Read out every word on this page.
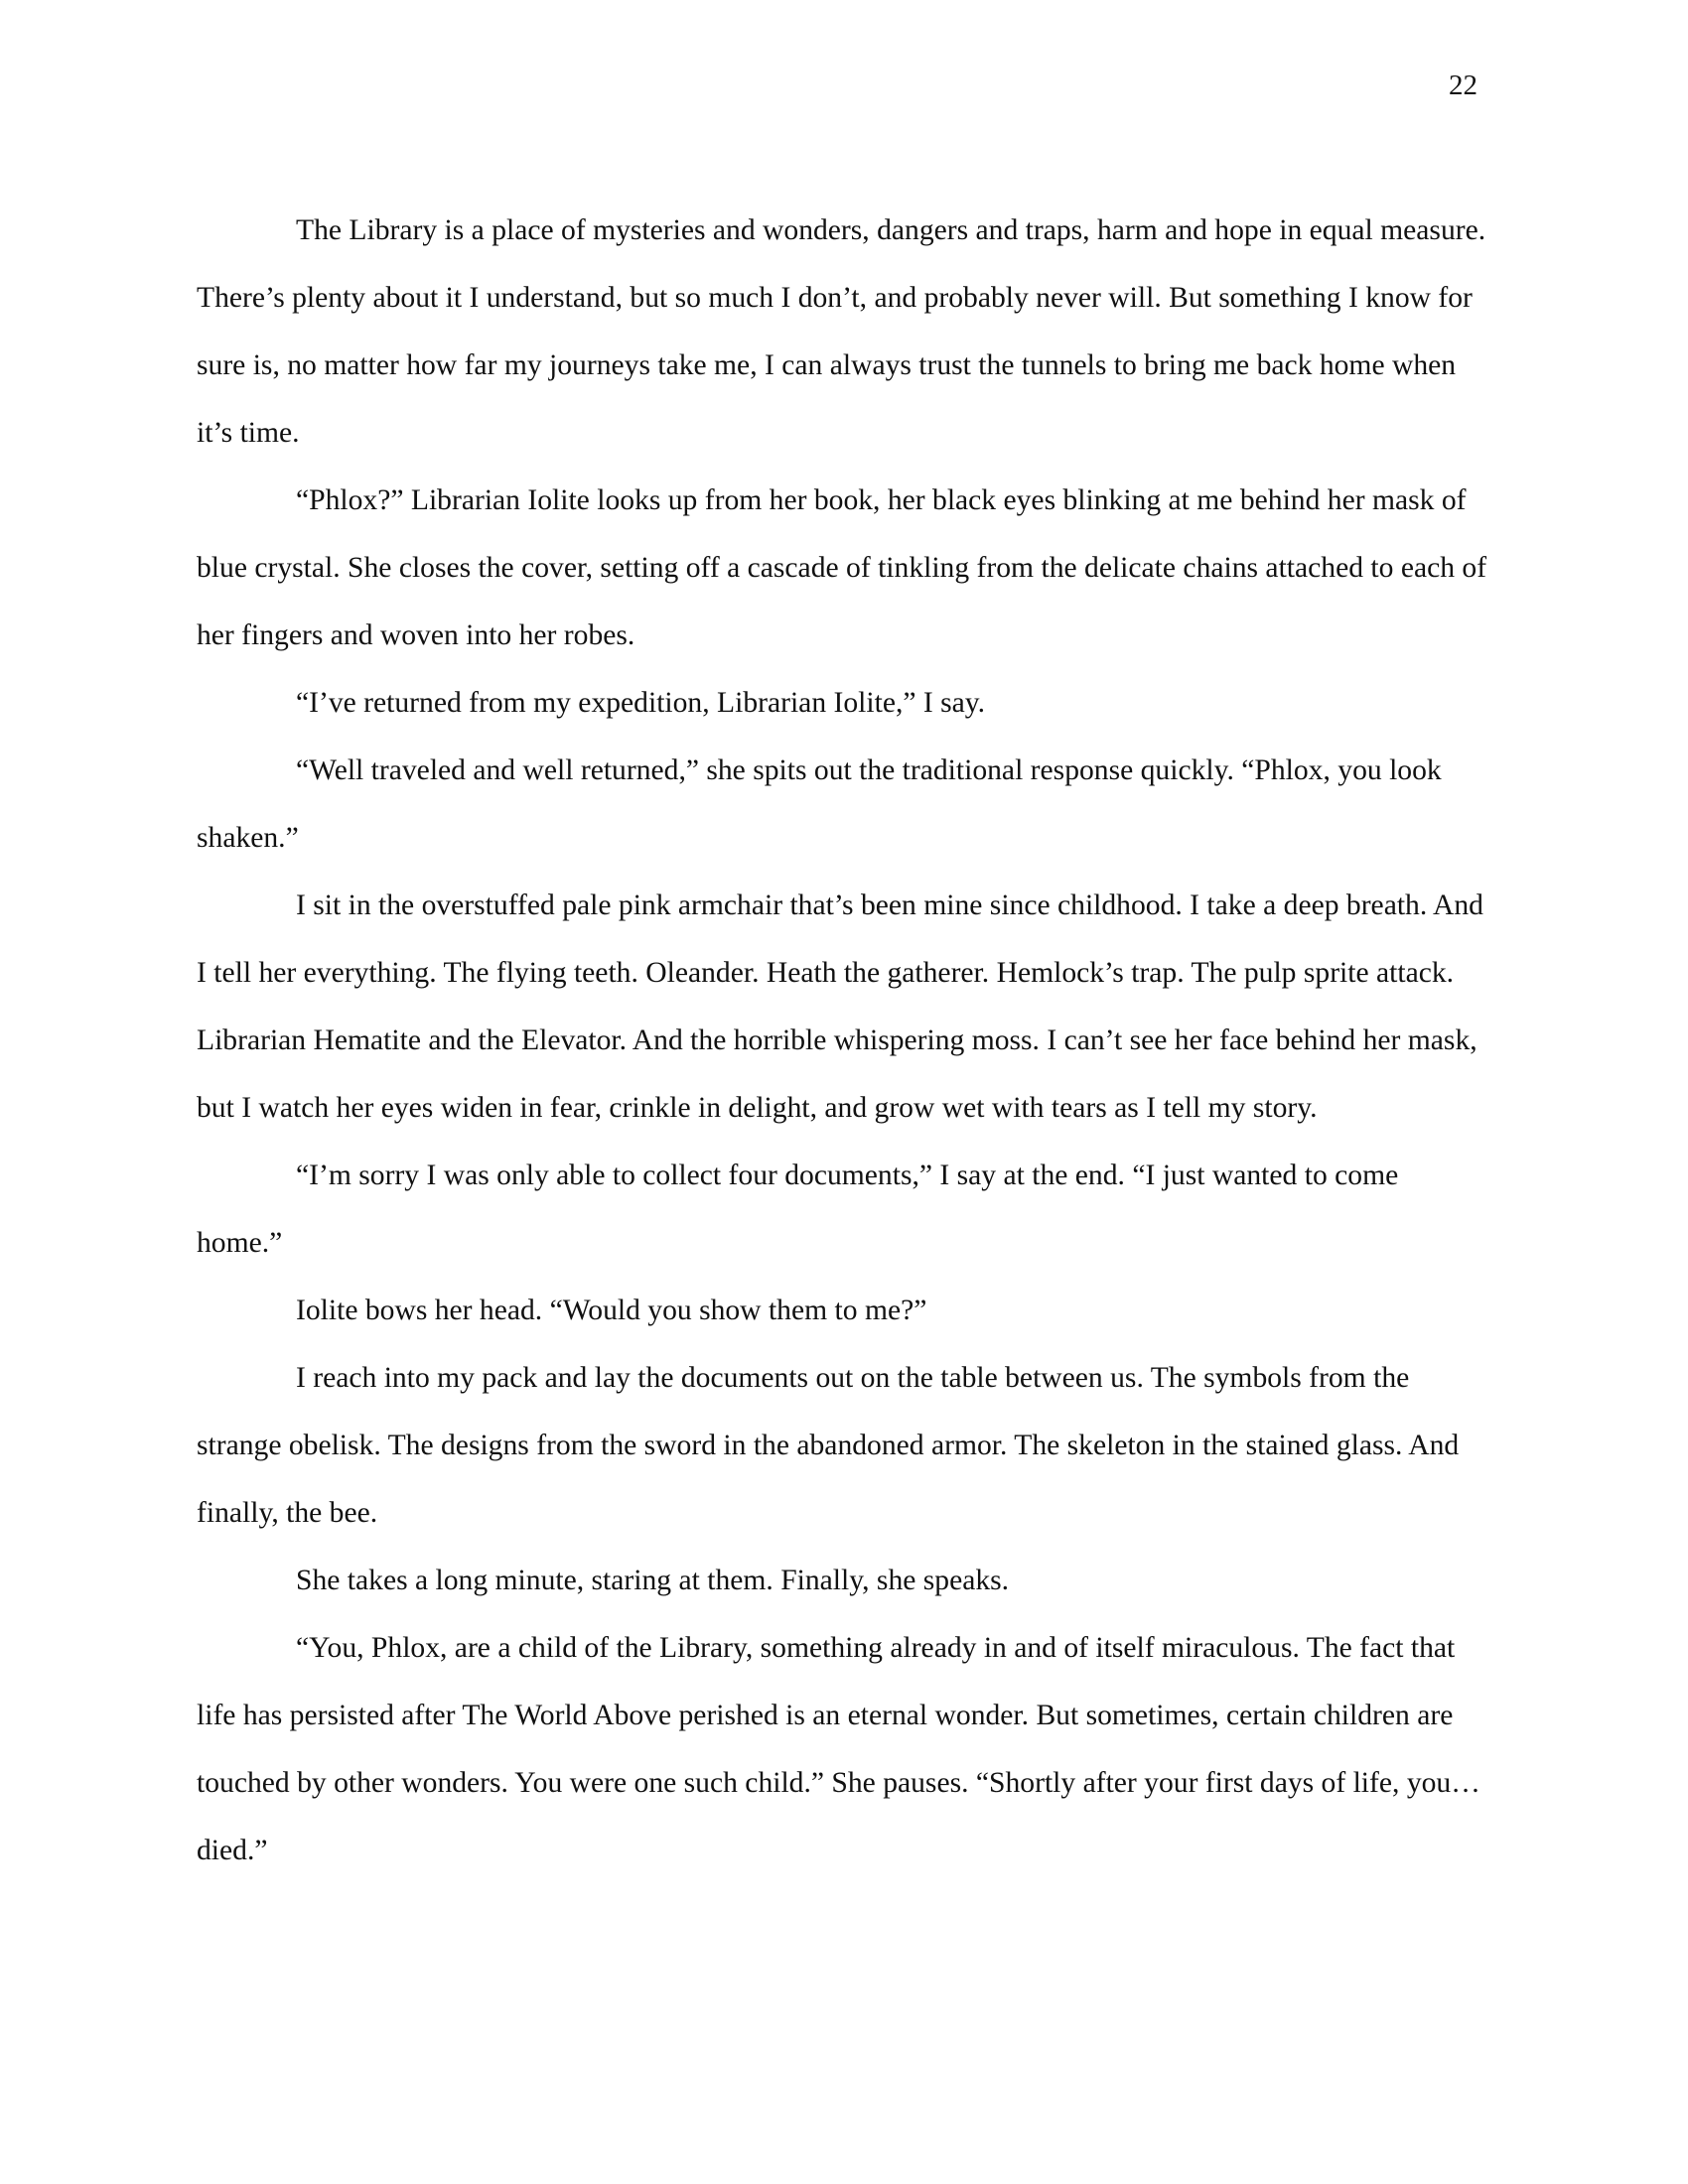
22

The Library is a place of mysteries and wonders, dangers and traps, harm and hope in equal measure. There’s plenty about it I understand, but so much I don’t, and probably never will. But something I know for sure is, no matter how far my journeys take me, I can always trust the tunnels to bring me back home when it’s time.

“Phlox?” Librarian Iolite looks up from her book, her black eyes blinking at me behind her mask of blue crystal. She closes the cover, setting off a cascade of tinkling from the delicate chains attached to each of her fingers and woven into her robes.

“I’ve returned from my expedition, Librarian Iolite,” I say.

“Well traveled and well returned,” she spits out the traditional response quickly. “Phlox, you look shaken.”

I sit in the overstuffed pale pink armchair that’s been mine since childhood. I take a deep breath. And I tell her everything. The flying teeth. Oleander. Heath the gatherer. Hemlock’s trap. The pulp sprite attack. Librarian Hematite and the Elevator. And the horrible whispering moss. I can’t see her face behind her mask, but I watch her eyes widen in fear, crinkle in delight, and grow wet with tears as I tell my story.

“I’m sorry I was only able to collect four documents,” I say at the end. “I just wanted to come home.”

Iolite bows her head. “Would you show them to me?”

I reach into my pack and lay the documents out on the table between us. The symbols from the strange obelisk. The designs from the sword in the abandoned armor. The skeleton in the stained glass. And finally, the bee.

She takes a long minute, staring at them. Finally, she speaks.

“You, Phlox, are a child of the Library, something already in and of itself miraculous. The fact that life has persisted after The World Above perished is an eternal wonder. But sometimes, certain children are touched by other wonders. You were one such child.” She pauses. “Shortly after your first days of life, you…died.”
